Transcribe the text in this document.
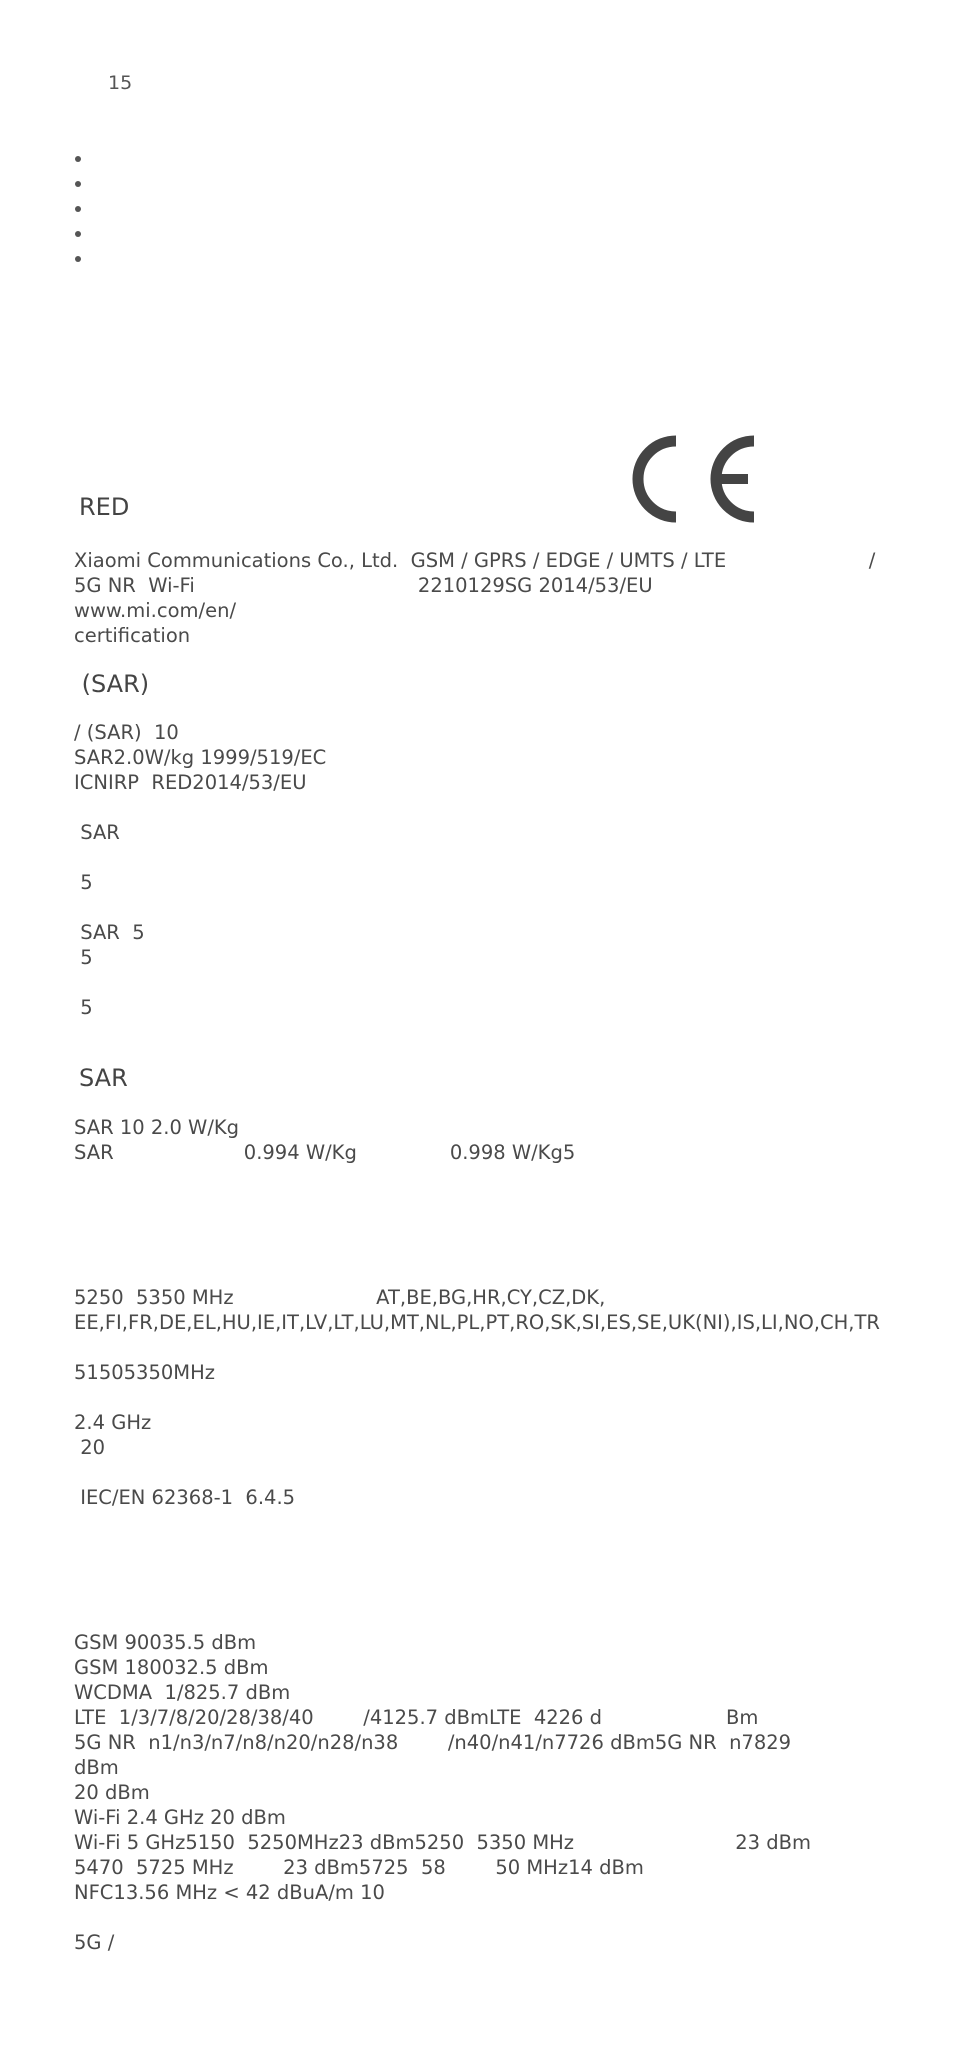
15
RED
Xiaomi Communications Co., Ltd.  GSM / GPRS / EDGE / UMTS / LTE                       /
5G NR  Wi-Fi                                    2210129SG 2014/53/EU
www.mi.com/en/
certification
(SAR)
/ (SAR)  10
SAR2.0W/kg 1999/519/EC
ICNIRP  RED2014/53/EU
SAR
5
SAR  5
5
5
SAR
SAR 10 2.0 W/Kg
SAR                     0.994 W/Kg               0.998 W/Kg5
5250  5350 MHz                       AT,BE,BG,HR,CY,CZ,DK,
EE,FI,FR,DE,EL,HU,IE,IT,LV,LT,LU,MT,NL,PL,PT,RO,SK,SI,ES,SE,UK(NI),IS,LI,NO,CH,TR
51505350MHz
2.4 GHz
20
IEC/EN 62368-1  6.4.5
GSM 90035.5 dBm
GSM 180032.5 dBm
WCDMA  1/825.7 dBm
LTE  1/3/7/8/20/28/38/40        /4125.7 dBmLTE  4226 d                    Bm
5G NR  n1/n3/n7/n8/n20/n28/n38        /n40/n41/n7726 dBm5G NR  n7829
dBm
20 dBm
Wi-Fi 2.4 GHz 20 dBm
Wi-Fi 5 GHz5150  5250MHz23 dBm5250  5350 MHz                          23 dBm
5470  5725 MHz        23 dBm5725  58        50 MHz14 dBm
NFC13.56 MHz < 42 dBuA/m 10
5G /
